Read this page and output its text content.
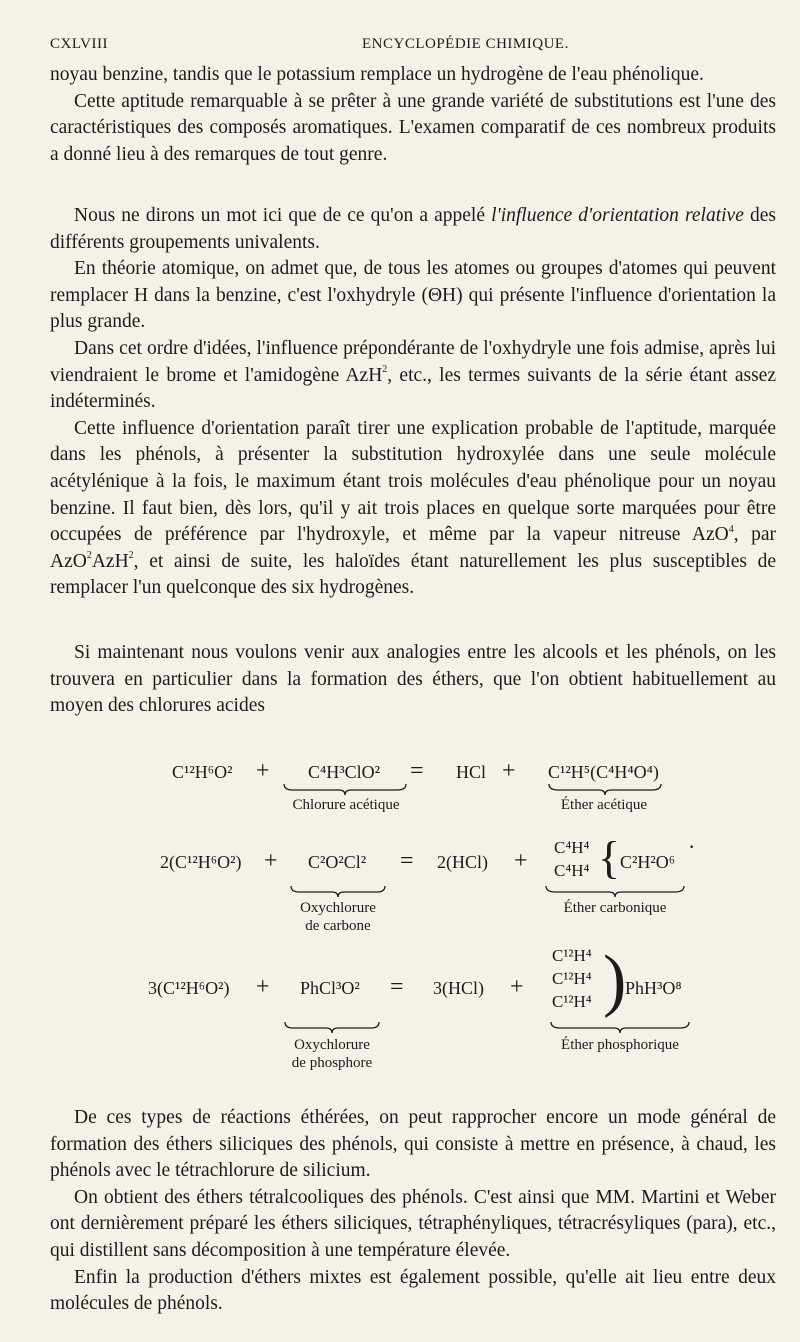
CXLVIII	ENCYCLOPÉDIE CHIMIQUE.

noyau benzine, tandis que le potassium remplace un hydrogène de l'eau phénolique.

Cette aptitude remarquable à se prêter à une grande variété de substitutions est l'une des caractéristiques des composés aromatiques. L'examen comparatif de ces nombreux produits a donné lieu à des remarques de tout genre.

Nous ne dirons un mot ici que de ce qu'on a appelé l'influence d'orientation relative des différents groupements univalents.

En théorie atomique, on admet que, de tous les atomes ou groupes d'atomes qui peuvent remplacer H dans la benzine, c'est l'oxhydryle (ΘH) qui présente l'influence d'orientation la plus grande.

Dans cet ordre d'idées, l'influence prépondérante de l'oxhydryle une fois admise, après lui viendraient le brome et l'amidogène AzH$^2$, etc., les termes suivants de la série étant assez indéterminés.

Cette influence d'orientation paraît tirer une explication probable de l'aptitude, marquée dans les phénols, à présenter la substitution hydroxylée dans une seule molécule acétylénique à la fois, le maximum étant trois molécules d'eau phénolique pour un noyau benzine. Il faut bien, dès lors, qu'il y ait trois places en quelque sorte marquées pour être occupées de préférence par l'hydroxyle, et même par la vapeur nitreuse AzO$^4$, par AzO$^2$AzH$^2$, et ainsi de suite, les haloïdes étant naturellement les plus susceptibles de remplacer l'un quelconque des six hydrogènes.

Si maintenant nous voulons venir aux analogies entre les alcools et les phénols, on les trouvera en particulier dans la formation des éthers, que l'on obtient habituellement au moyen des chlorures acides

C¹²H⁶O² + C⁴H³ClO² = HCl + C¹²H⁵(C⁴H⁴O⁴)
Chlorure acétique	Éther acétique
2(C¹²H⁶O²) + C²O²Cl² = 2(HCl) +
C⁴H⁴
C⁴H⁴ { C²H²O⁶
·
Oxychlorure
de carbone
Éther carbonique
3(C¹²H⁶O²) + PhCl³O² = 3(HCl) +
C¹²H⁴
C¹²H⁴
C¹²H⁴ )
PhH³O⁸
Oxychlorure
de phosphore
Éther phosphorique

De ces types de réactions éthérées, on peut rapprocher encore un mode général de formation des éthers siliciques des phénols, qui consiste à mettre en présence, à chaud, les phénols avec le tétrachlorure de silicium.

On obtient des éthers tétralcooliques des phénols. C'est ainsi que MM. Martini et Weber ont dernièrement préparé les éthers siliciques, tétraphényliques, tétracrésyliques (para), etc., qui distillent sans décomposition à une température élevée.

Enfin la production d'éthers mixtes est également possible, qu'elle ait lieu entre deux molécules de phénols.
